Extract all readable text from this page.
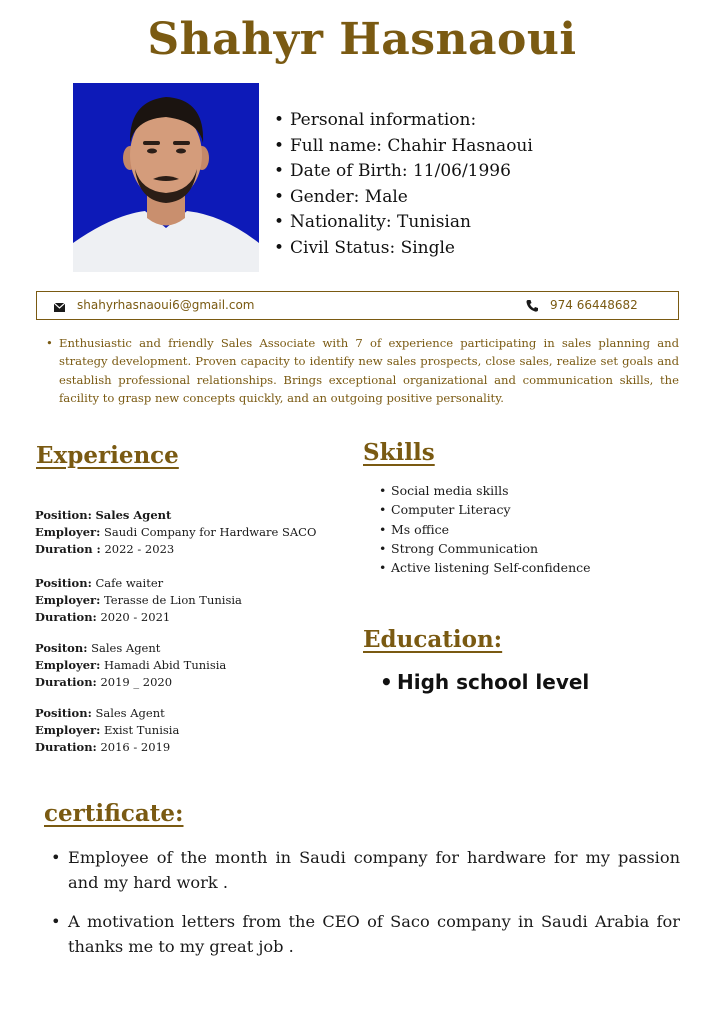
Shahyr Hasnaoui
• Personal information:
• Full name: Chahir Hasnaoui
• Date of Birth: 11/06/1996
• Gender: Male
• Nationality: Tunisian
• Civil Status: Single
shahyrhasnaoui6@gmail.com	974 66448682
• Enthusiastic and friendly Sales Associate with 7 of experience participating in sales planning and strategy development. Proven capacity to identify new sales prospects, close sales, realize set goals and establish professional relationships. Brings exceptional organizational and communication skills, the facility to grasp new concepts quickly, and an outgoing positive personality.
Experience
Position: Sales Agent
Employer: Saudi Company for Hardware SACO
Duration : 2022 - 2023
Position: Cafe waiter
Employer: Terasse de Lion Tunisia
Duration: 2020 - 2021
Positon: Sales Agent
Employer: Hamadi Abid Tunisia
Duration: 2019 _ 2020
Position: Sales Agent
Employer: Exist Tunisia
Duration: 2016 - 2019
Skills
• Social media skills
• Computer Literacy
• Ms office
• Strong Communication
• Active listening Self-confidence
Education:
• High school level
certificate:
• Employee of the month in Saudi company for hardware for my passion and my hard work .
• A motivation letters from the CEO of Saco company in Saudi Arabia for thanks me to my great job .
